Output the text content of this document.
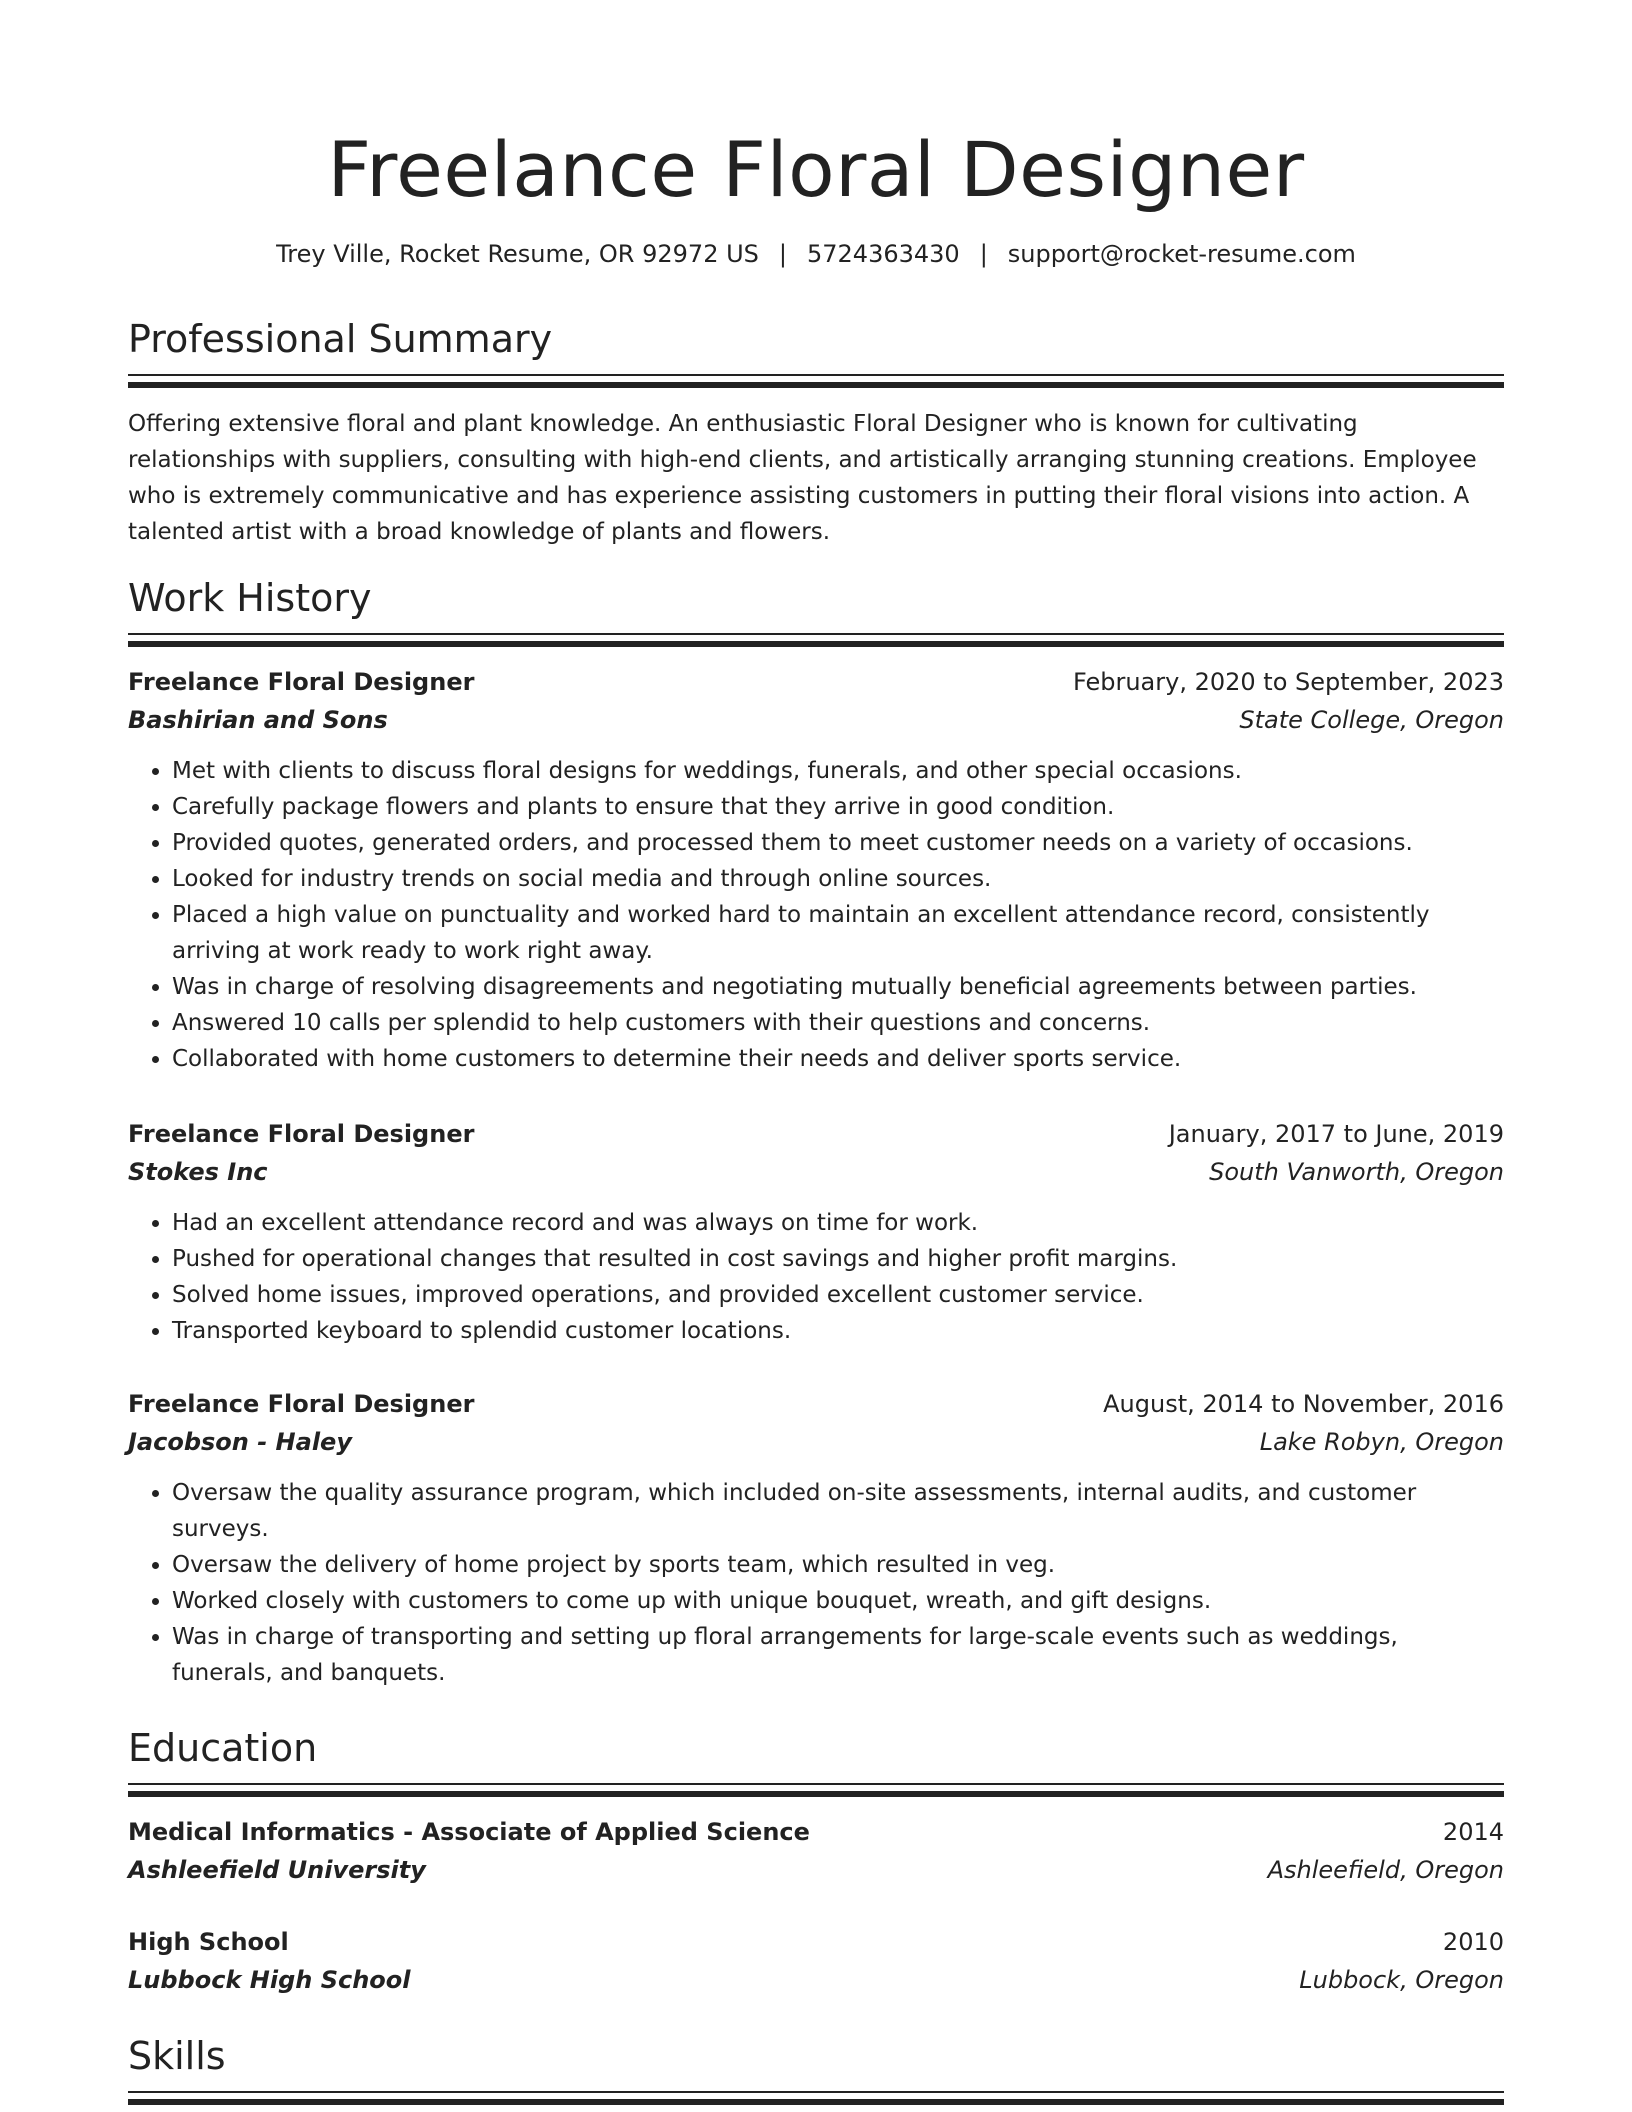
Freelance Floral Designer
Trey Ville, Rocket Resume, OR 92972 US | 5724363430 | support@rocket-resume.com
Professional Summary
Offering extensive floral and plant knowledge. An enthusiastic Floral Designer who is known for cultivating relationships with suppliers, consulting with high-end clients, and artistically arranging stunning creations. Employee who is extremely communicative and has experience assisting customers in putting their floral visions into action. A talented artist with a broad knowledge of plants and flowers.
Work History
Freelance Floral Designer	February, 2020 to September, 2023
Bashirian and Sons	State College, Oregon
• Met with clients to discuss floral designs for weddings, funerals, and other special occasions.
• Carefully package flowers and plants to ensure that they arrive in good condition.
• Provided quotes, generated orders, and processed them to meet customer needs on a variety of occasions.
• Looked for industry trends on social media and through online sources.
• Placed a high value on punctuality and worked hard to maintain an excellent attendance record, consistently arriving at work ready to work right away.
• Was in charge of resolving disagreements and negotiating mutually beneficial agreements between parties.
• Answered 10 calls per splendid to help customers with their questions and concerns.
• Collaborated with home customers to determine their needs and deliver sports service.
Freelance Floral Designer	January, 2017 to June, 2019
Stokes Inc	South Vanworth, Oregon
• Had an excellent attendance record and was always on time for work.
• Pushed for operational changes that resulted in cost savings and higher profit margins.
• Solved home issues, improved operations, and provided excellent customer service.
• Transported keyboard to splendid customer locations.
Freelance Floral Designer	August, 2014 to November, 2016
Jacobson - Haley	Lake Robyn, Oregon
• Oversaw the quality assurance program, which included on-site assessments, internal audits, and customer surveys.
• Oversaw the delivery of home project by sports team, which resulted in veg.
• Worked closely with customers to come up with unique bouquet, wreath, and gift designs.
• Was in charge of transporting and setting up floral arrangements for large-scale events such as weddings, funerals, and banquets.
Education
Medical Informatics - Associate of Applied Science	2014
Ashleefield University	Ashleefield, Oregon
High School	2010
Lubbock High School	Lubbock, Oregon
Skills
